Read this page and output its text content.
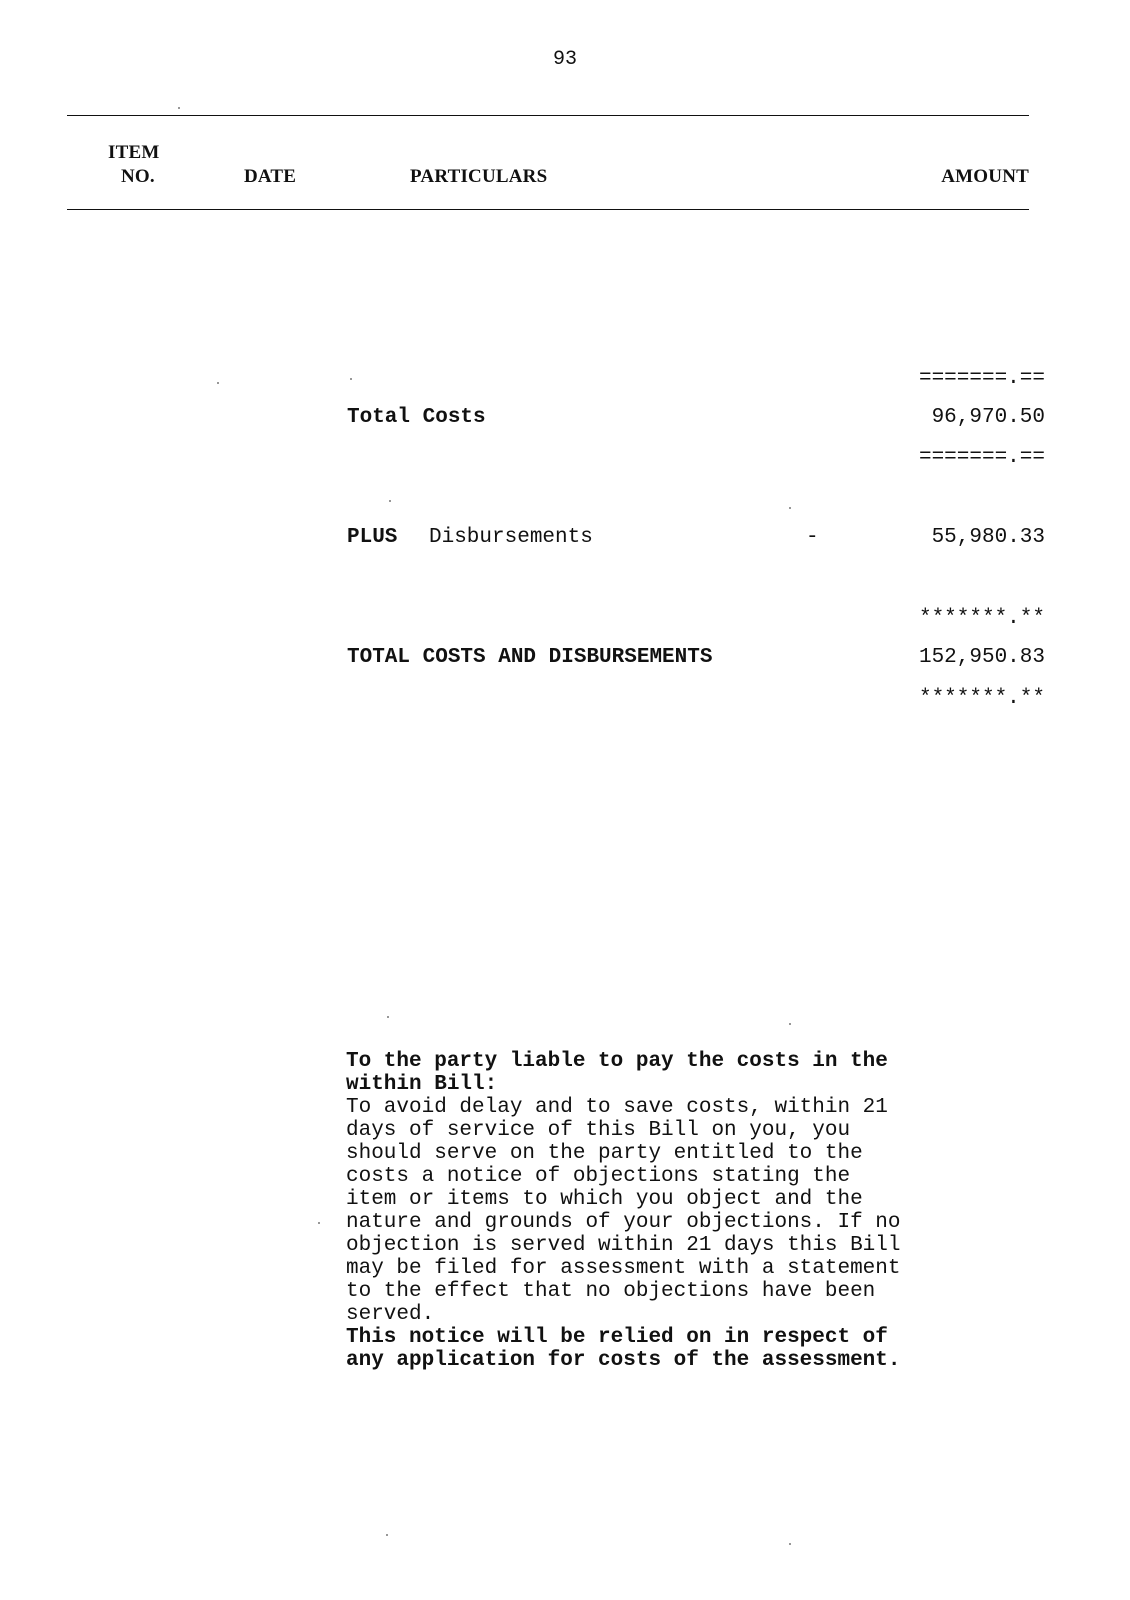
93
ITEM
NO.	DATE	PARTICULARS	AMOUNT
=======.==
Total Costs	96,970.50
=======.==
PLUS Disbursements	-	55,980.33
*******.**
TOTAL COSTS AND DISBURSEMENTS	152,950.83
*******.**

To the party liable to pay the costs in the within Bill:

To avoid delay and to save costs, within 21 days of service of this Bill on you, you should serve on the party entitled to the costs a notice of objections stating the item or items to which you object and the nature and grounds of your objections. If no objection is served within 21 days this Bill may be filed for assessment with a statement to the effect that no objections have been served.

This notice will be relied on in respect of any application for costs of the assessment.
